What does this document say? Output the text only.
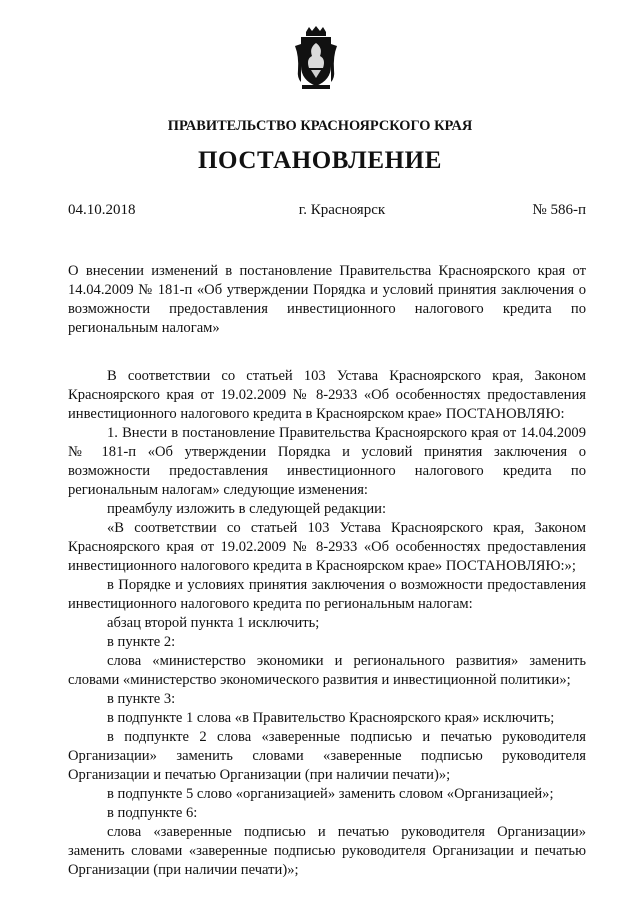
ПРАВИТЕЛЬСТВО КРАСНОЯРСКОГО КРАЯ
ПОСТАНОВЛЕНИЕ
04.10.2018	г. Красноярск	№ 586-п

О внесении изменений в постановление Правительства Красноярского края от 14.04.2009 № 181-п «Об утверждении Порядка и условий принятия заключения о возможности предоставления инвестиционного налогового кредита по региональным налогам»

В соответствии со статьей 103 Устава Красноярского края, Законом Красноярского края от 19.02.2009 № 8-2933 «Об особенностях предоставления инвестиционного налогового кредита в Красноярском крае» ПОСТАНОВЛЯЮ:

1. Внести в постановление Правительства Красноярского края от 14.04.2009 № 181-п «Об утверждении Порядка и условий принятия заключения о возможности предоставления инвестиционного налогового кредита по региональным налогам» следующие изменения:

преамбулу изложить в следующей редакции:

«В соответствии со статьей 103 Устава Красноярского края, Законом Красноярского края от 19.02.2009 № 8-2933 «Об особенностях предоставления инвестиционного налогового кредита в Красноярском крае» ПОСТАНОВЛЯЮ:»;

в Порядке и условиях принятия заключения о возможности предоставления инвестиционного налогового кредита по региональным налогам:

абзац второй пункта 1 исключить;

в пункте 2:

слова «министерство экономики и регионального развития» заменить словами «министерство экономического развития и инвестиционной политики»;

в пункте 3:

в подпункте 1 слова «в Правительство Красноярского края» исключить;

в подпункте 2 слова «заверенные подписью и печатью руководителя Организации» заменить словами «заверенные подписью руководителя Организации и печатью Организации (при наличии печати)»;

в подпункте 5 слово «организацией» заменить словом «Организацией»;

в подпункте 6:

слова «заверенные подписью и печатью руководителя Организации» заменить словами «заверенные подписью руководителя Организации и печатью Организации (при наличии печати)»;
